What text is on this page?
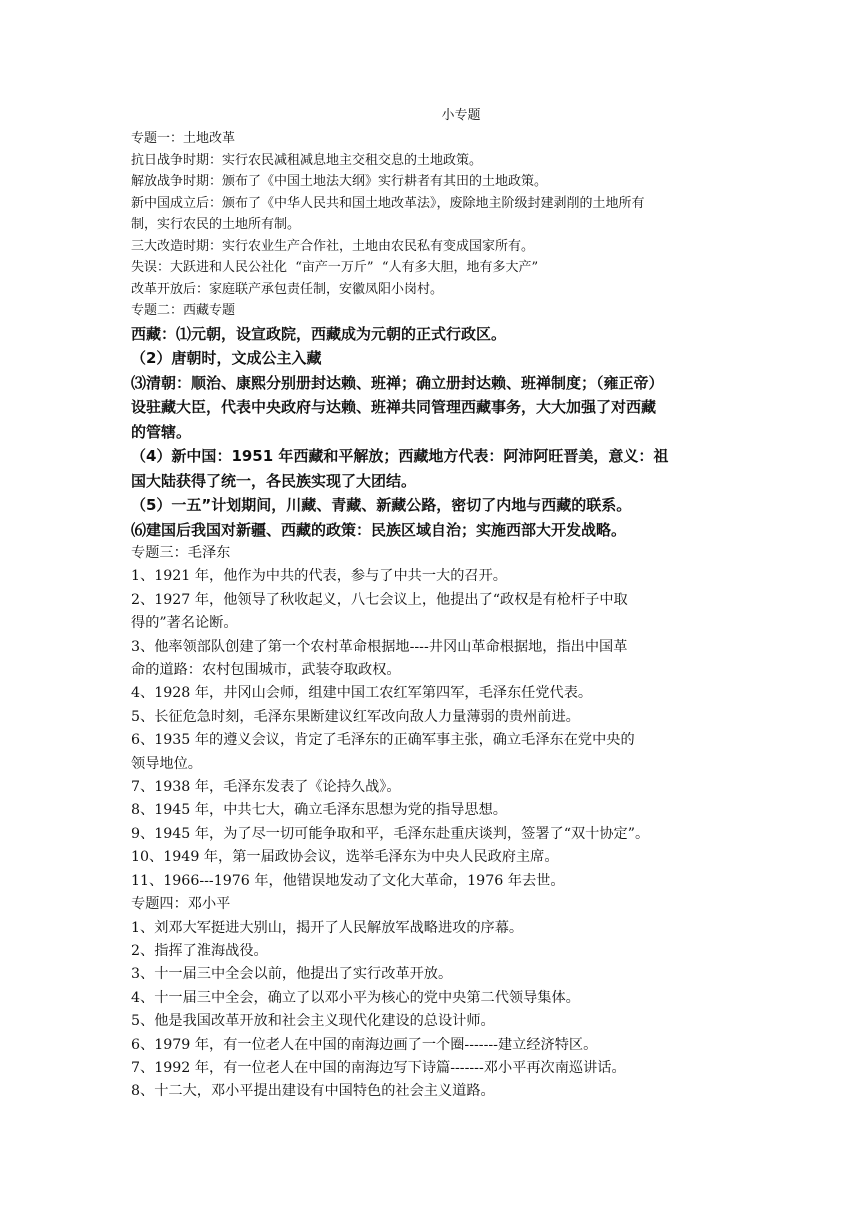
小专题
专题一：土地改革
抗日战争时期：实行农民减租减息地主交租交息的土地政策。
解放战争时期：颁布了《中国土地法大纲》实行耕者有其田的土地政策。
新中国成立后：颁布了《中华人民共和国土地改革法》，废除地主阶级封建剥削的土地所有
制，实行农民的土地所有制。
三大改造时期：实行农业生产合作社，土地由农民私有变成国家所有。
失误：大跃进和人民公社化  “亩产一万斤”  “人有多大胆，地有多大产”
改革开放后：家庭联产承包责任制，安徽凤阳小岗村。
专题二：西藏专题
西藏：⑴元朝，设宣政院，西藏成为元朝的正式行政区。
（2）唐朝时，文成公主入藏
⑶清朝：顺治、康熙分别册封达赖、班禅；确立册封达赖、班禅制度；（雍正帝）
设驻藏大臣，代表中央政府与达赖、班禅共同管理西藏事务，大大加强了对西藏
的管辖。
（4）新中国：1951 年西藏和平解放；西藏地方代表：阿沛阿旺晋美，意义：祖
国大陆获得了统一，各民族实现了大团结。
（5）一五”计划期间，川藏、青藏、新藏公路，密切了内地与西藏的联系。
⑹建国后我国对新疆、西藏的政策：民族区域自治；实施西部大开发战略。
专题三：毛泽东
1、1921 年，他作为中共的代表，参与了中共一大的召开。
2、1927 年，他领导了秋收起义，八七会议上，他提出了“政权是有枪杆子中取
得的”著名论断。
3、他率领部队创建了第一个农村革命根据地----井冈山革命根据地，指出中国革
命的道路：农村包围城市，武装夺取政权。
4、1928 年，井冈山会师，组建中国工农红军第四军，毛泽东任党代表。
5、长征危急时刻，毛泽东果断建议红军改向敌人力量薄弱的贵州前进。
6、1935 年的遵义会议，肯定了毛泽东的正确军事主张，确立毛泽东在党中央的
领导地位。
7、1938 年，毛泽东发表了《论持久战》。
8、1945 年，中共七大，确立毛泽东思想为党的指导思想。
9、1945 年，为了尽一切可能争取和平，毛泽东赴重庆谈判，签署了“双十协定”。
10、1949 年，第一届政协会议，选举毛泽东为中央人民政府主席。
11、1966---1976 年，他错误地发动了文化大革命，1976 年去世。
专题四：邓小平
1、刘邓大军挺进大别山，揭开了人民解放军战略进攻的序幕。
2、指挥了淮海战役。
3、十一届三中全会以前，他提出了实行改革开放。
4、十一届三中全会，确立了以邓小平为核心的党中央第二代领导集体。
5、他是我国改革开放和社会主义现代化建设的总设计师。
6、1979 年，有一位老人在中国的南海边画了一个圈-------建立经济特区。
7、1992 年，有一位老人在中国的南海边写下诗篇-------邓小平再次南巡讲话。
8、十二大，邓小平提出建设有中国特色的社会主义道路。
